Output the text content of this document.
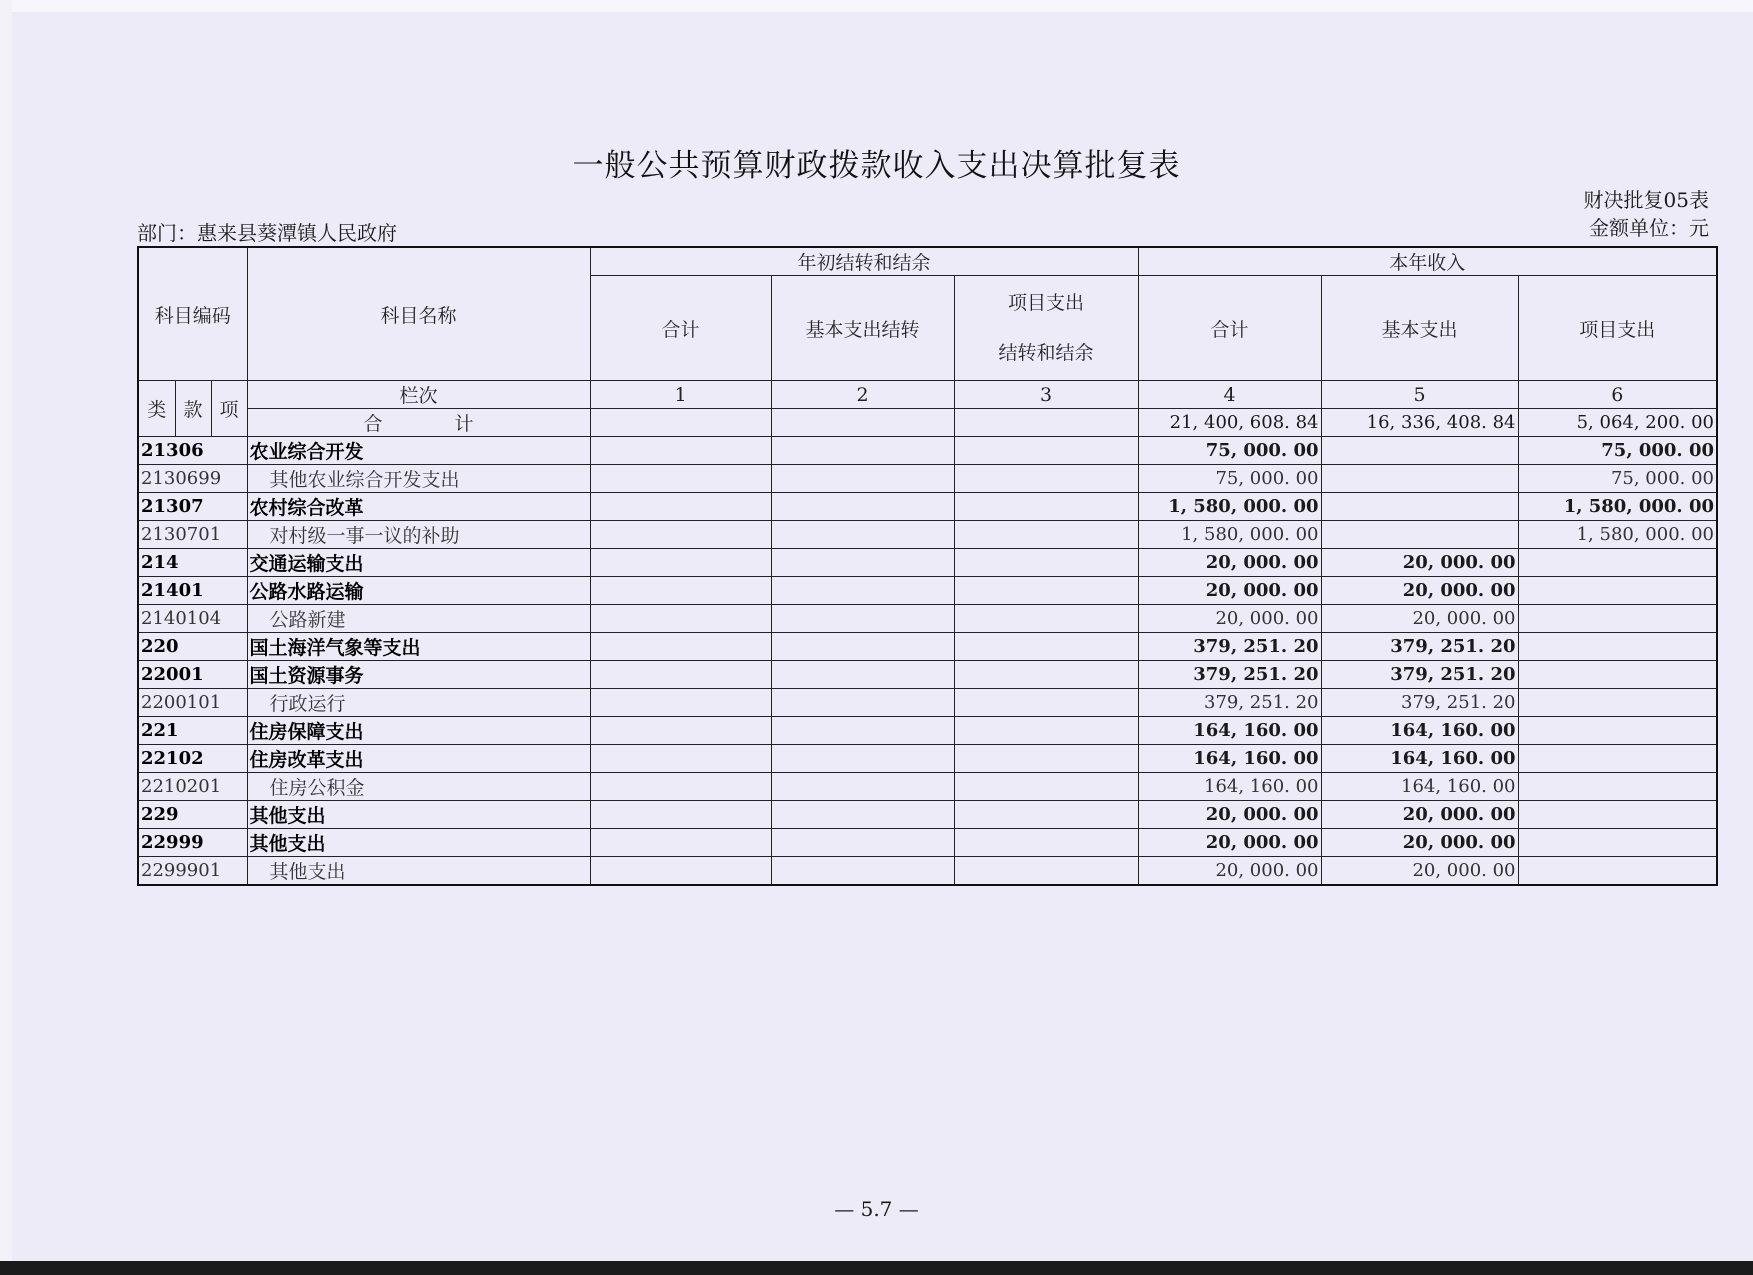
一般公共预算财政拨款收入支出决算批复表
财决批复05表
金额单位：元
部门：惠来县葵潭镇人民政府
科目编码			科目名称	年初结转和结余			本年收入		
				合计	基本支出结转	项目支出
结转和结余	合计	基本支出	项目支出
类	款	项	栏次	1	2	3	4	5	6
			合计				21, 400, 608. 84	16, 336, 408. 84	5, 064, 200. 00
21306			农业综合开发				75, 000. 00		75, 000. 00
2130699			其他农业综合开发支出				75, 000. 00		75, 000. 00
21307			农村综合改革				1, 580, 000. 00		1, 580, 000. 00
2130701			对村级一事一议的补助				1, 580, 000. 00		1, 580, 000. 00
214			交通运输支出				20, 000. 00	20, 000. 00	
21401			公路水路运输				20, 000. 00	20, 000. 00	
2140104			公路新建				20, 000. 00	20, 000. 00	
220			国土海洋气象等支出				379, 251. 20	379, 251. 20	
22001			国土资源事务				379, 251. 20	379, 251. 20	
2200101			行政运行				379, 251. 20	379, 251. 20	
221			住房保障支出				164, 160. 00	164, 160. 00	
22102			住房改革支出				164, 160. 00	164, 160. 00	
2210201			住房公积金				164, 160. 00	164, 160. 00	
229			其他支出				20, 000. 00	20, 000. 00	
22999			其他支出				20, 000. 00	20, 000. 00	
2299901			其他支出				20, 000. 00	20, 000. 00	
— 5.7 —
